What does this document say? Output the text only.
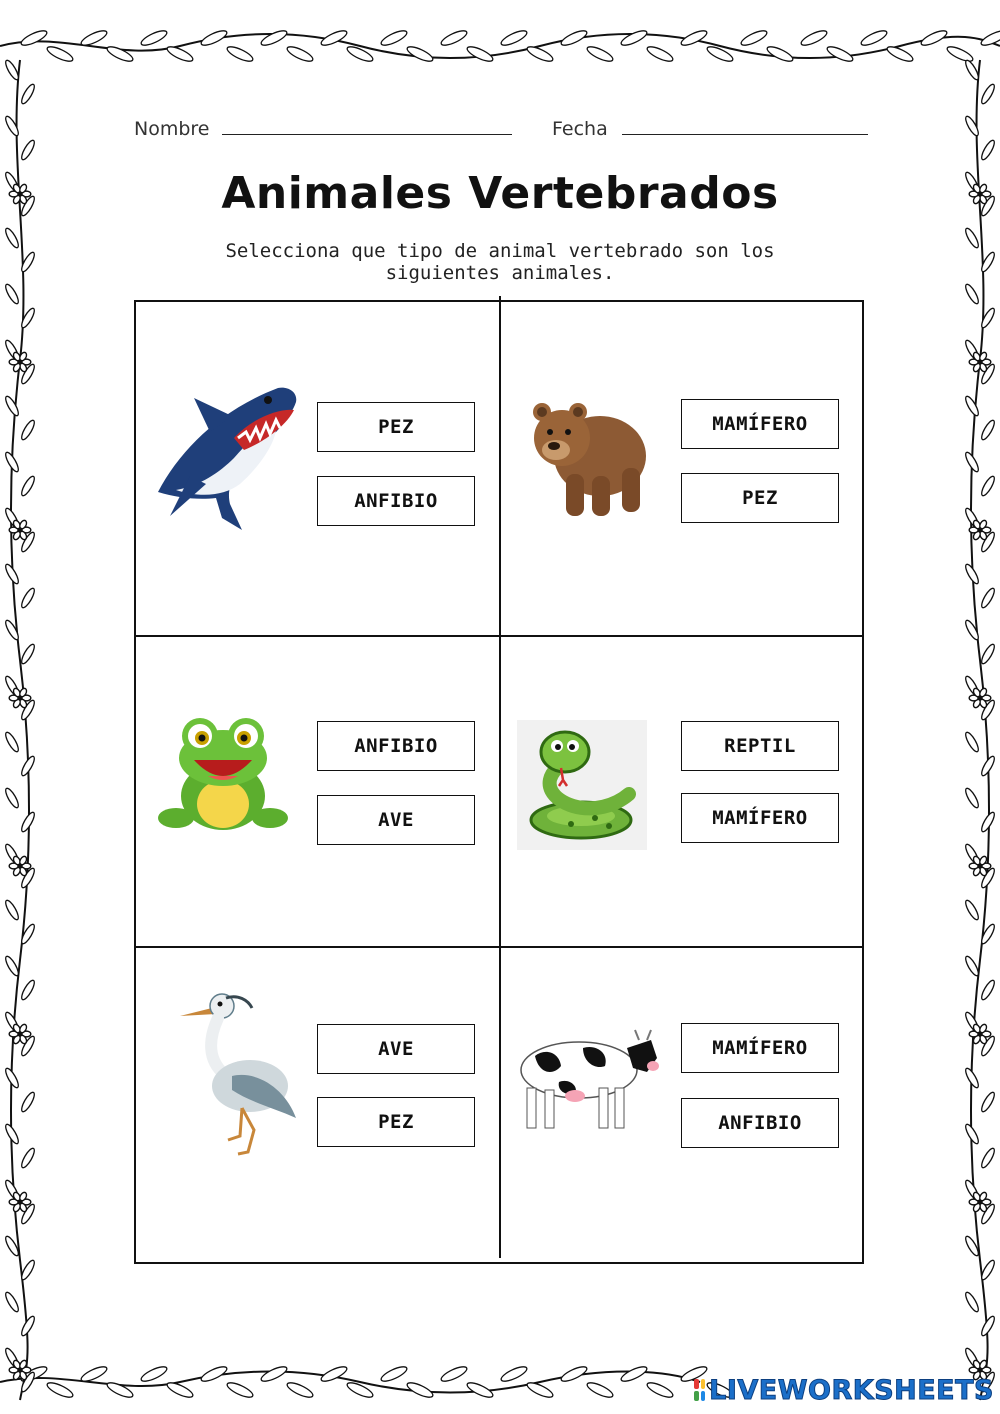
Nombre	Fecha
Animales Vertebrados
Selecciona que tipo de animal vertebrado son los siguientes animales.
PEZ
ANFIBIO
MAMÍFERO
PEZ
ANFIBIO
AVE
REPTIL
MAMÍFERO
AVE
PEZ
MAMÍFERO
ANFIBIO
LIVEWORKSHEETS
